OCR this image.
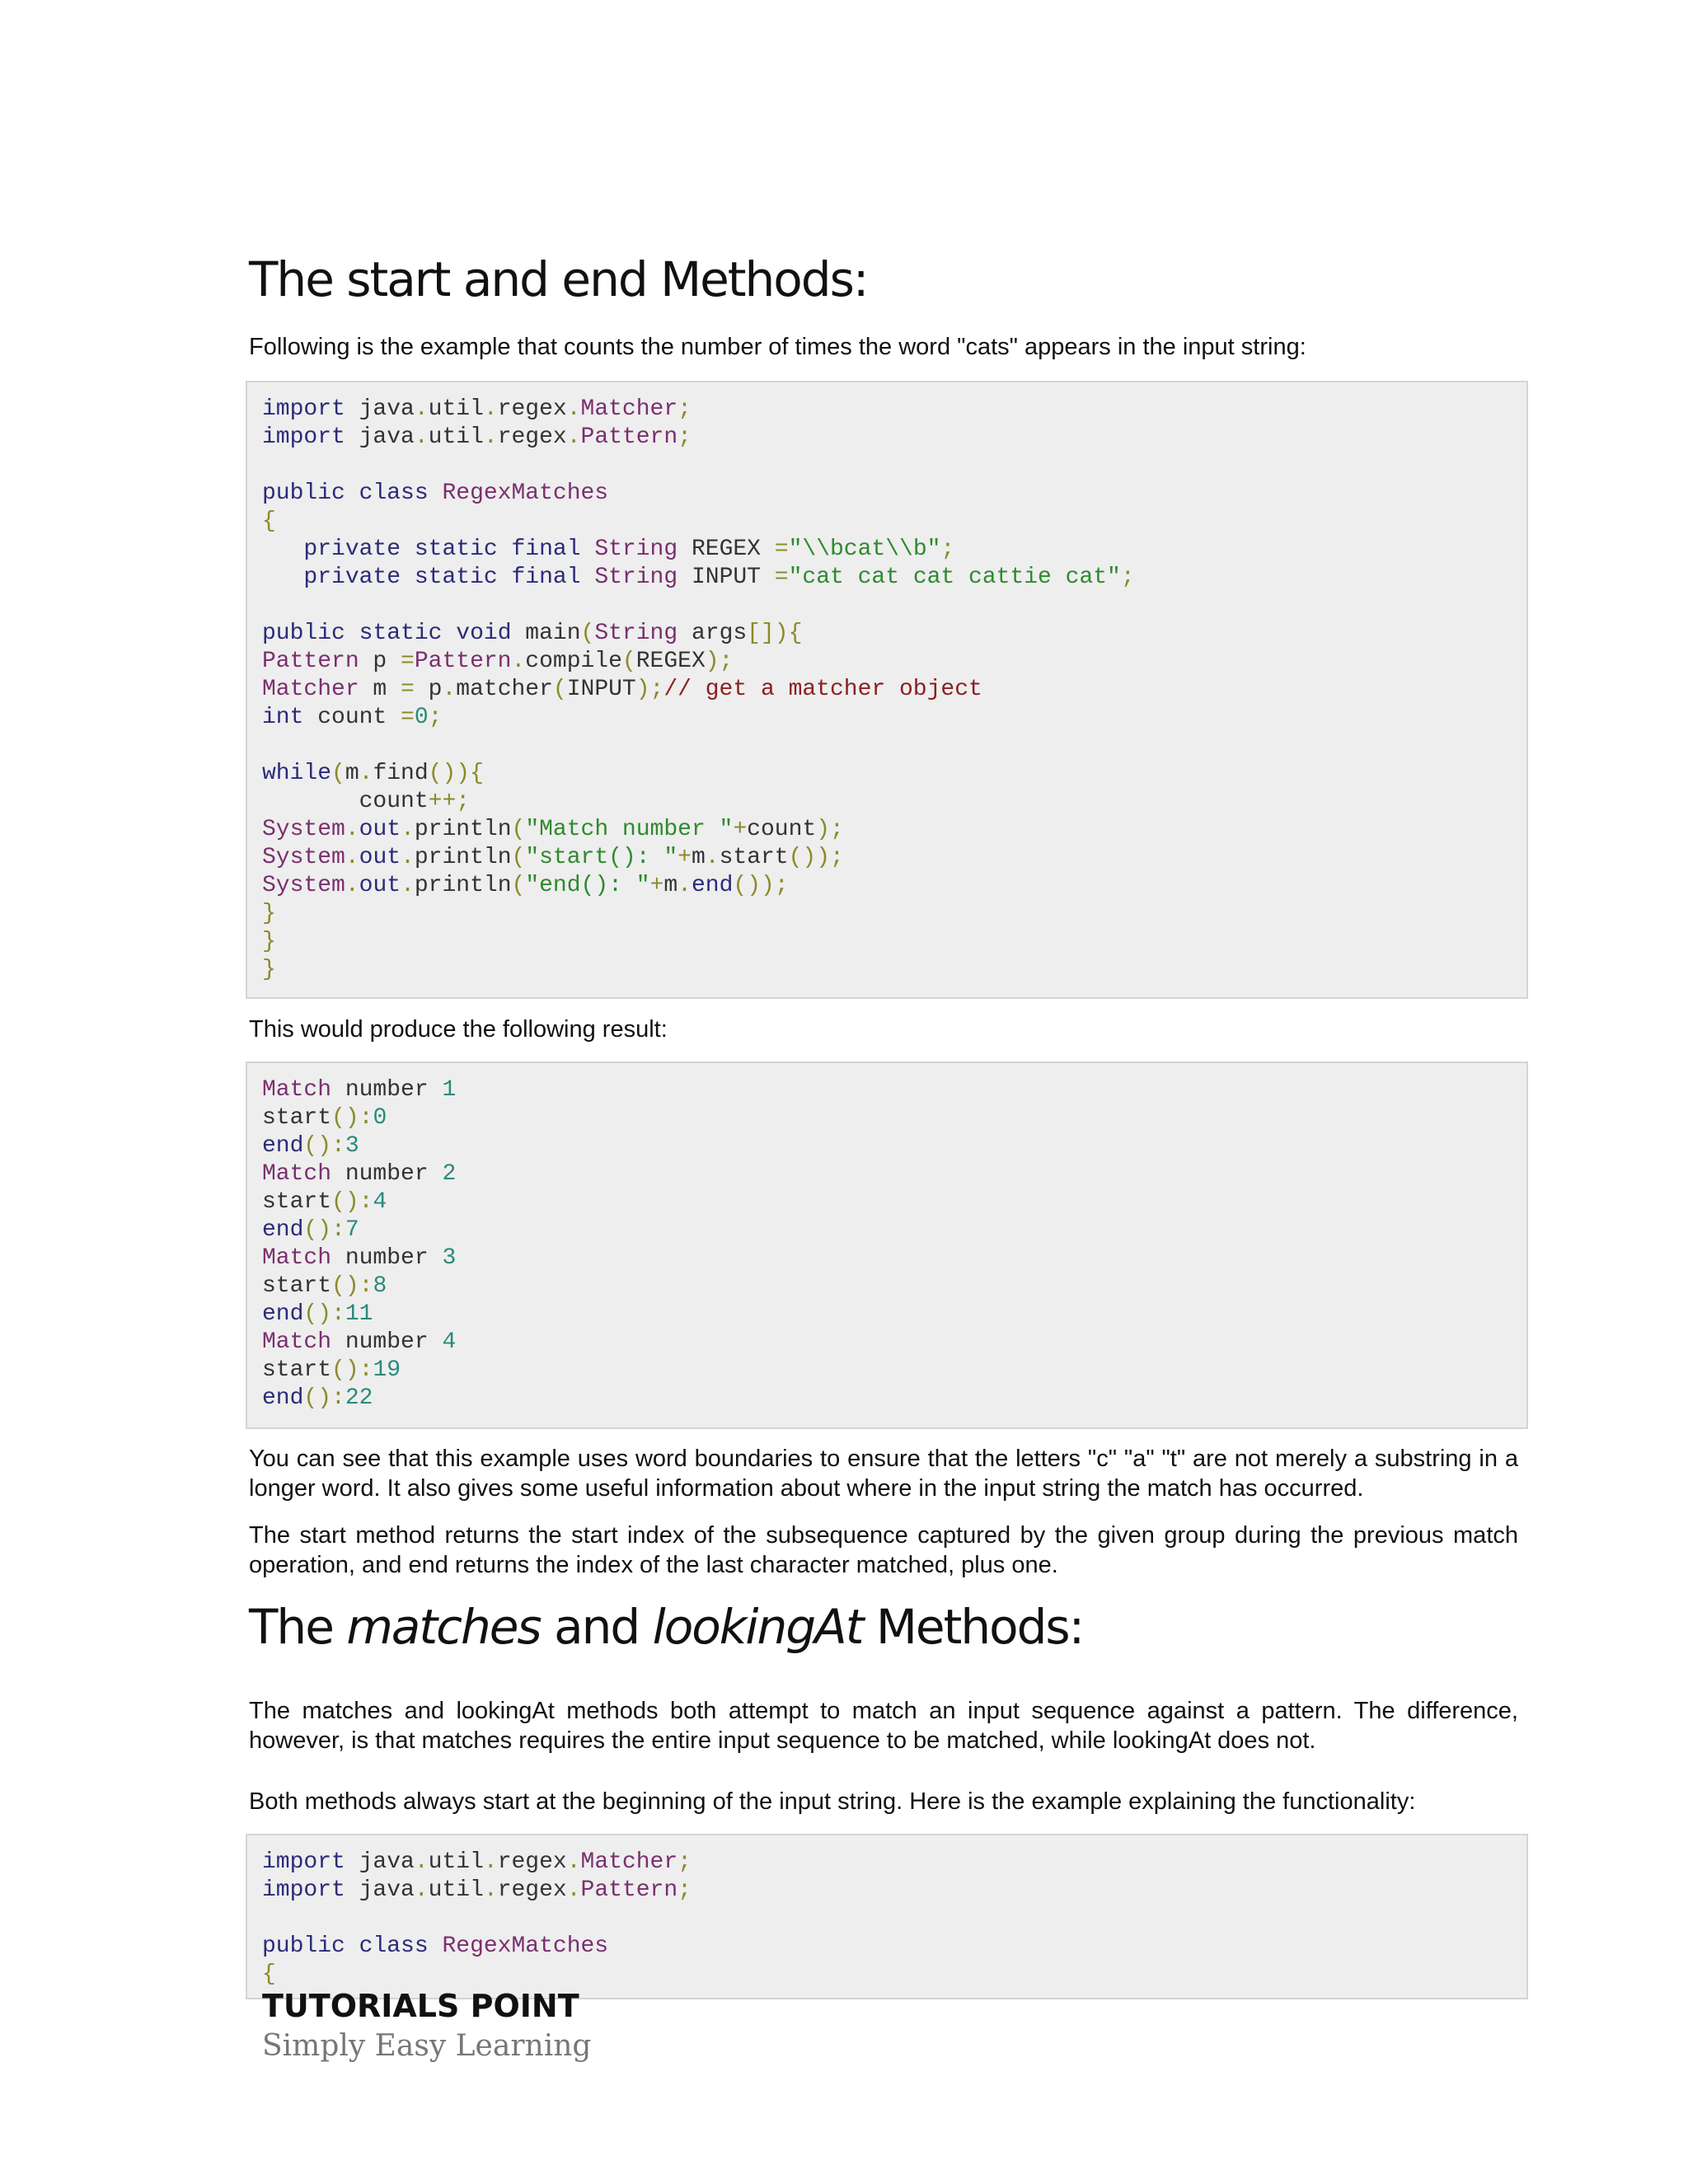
The start and end Methods:

Following is the example that counts the number of times the word "cats" appears in the input string:

import java.util.regex.Matcher;
import java.util.regex.Pattern;

public class RegexMatches
{
private static final String REGEX ="\\bcat\\b";
private static final String INPUT ="cat cat cat cattie cat";

public static void main(String args[]){
Pattern p =Pattern.compile(REGEX);
Matcher m = p.matcher(INPUT);// get a matcher object
int count =0;

while(m.find()){
count++;
System.out.println("Match number "+count);
System.out.println("start(): "+m.start());
System.out.println("end(): "+m.end());
}
}
}

This would produce the following result:

Match number 1
start():0
end():3
Match number 2
start():4
end():7
Match number 3
start():8
end():11
Match number 4
start():19
end():22

You can see that this example uses word boundaries to ensure that the letters "c" "a" "t" are not merely a substring in a longer word. It also gives some useful information about where in the input string the match has occurred.

The start method returns the start index of the subsequence captured by the given group during the previous match operation, and end returns the index of the last character matched, plus one.

The matches and lookingAt Methods:

The matches and lookingAt methods both attempt to match an input sequence against a pattern. The difference, however, is that matches requires the entire input sequence to be matched, while lookingAt does not.

Both methods always start at the beginning of the input string. Here is the example explaining the functionality:

import java.util.regex.Matcher;
import java.util.regex.Pattern;

public class RegexMatches
{
TUTORIALS POINT
Simply Easy Learning
